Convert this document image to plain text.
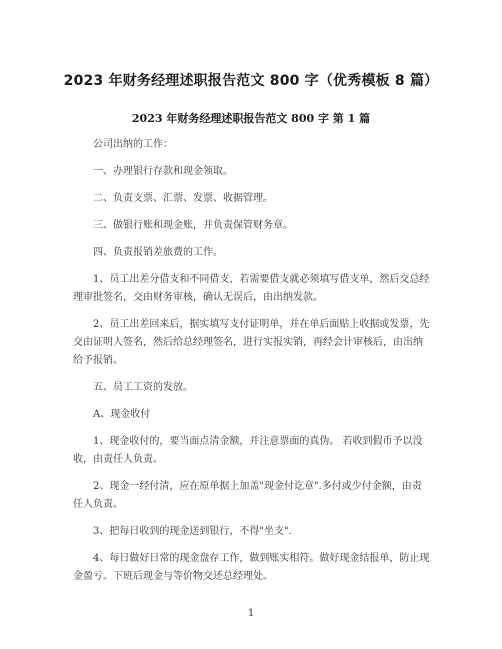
2023 年财务经理述职报告范文 800 字（优秀模板 8 篇）
2023 年财务经理述职报告范文 800 字 第 1 篇

公司出纳的工作：

一、办理银行存款和现金领取。

二、负责支票、汇票、发票、收据管理。

三、做银行账和现金账，并负责保管财务章。

四、负责报销差旅费的工作。

1、员工出差分借支和不同借支，若需要借支就必须填写借支单，然后交总经理审批签名，交由财务审核，确认无误后，由出纳发款。

2、员工出差回来后，据实填写支付证明单，并在单后面贴上收据或发票，先交由证明人签名，然后给总经理签名，进行实报实销，再经会计审核后，由出纳给予报销。

五、员工工资的发放。

A、现金收付

1、现金收付的，要当面点清金额，并注意票面的真伪。 若收到假币予以没收，由责任人负责。

2、现金一经付清，应在原单据上加盖"现金付讫章".多付或少付金额，由责任人负责。

3、把每日收到的现金送到银行，不得"坐支".

4、每日做好日常的现金盘存工作，做到账实相符。做好现金结报单，防止现金盈亏。下班后现金与等价物交还总经理处。

1
